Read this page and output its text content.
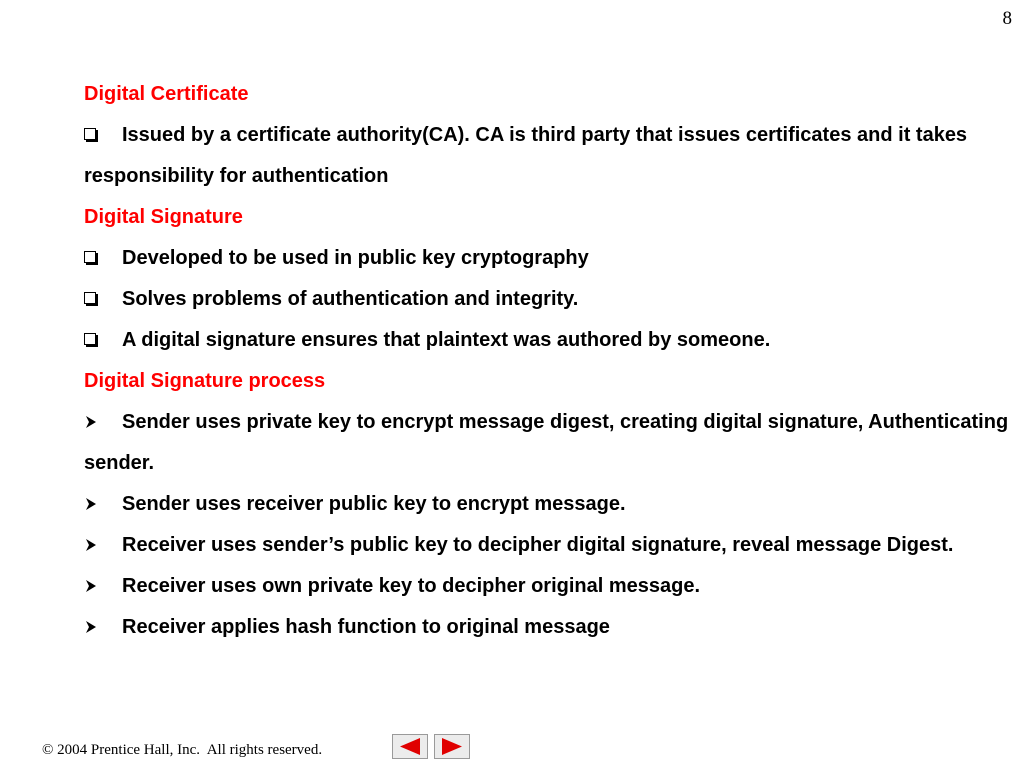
8
Digital Certificate
Issued by a certificate authority(CA). CA is third party that issues certificates and it takes responsibility for authentication
Digital Signature
Developed to be used in public key cryptography
Solves problems of authentication and integrity.
A digital signature ensures that plaintext was authored by someone.
Digital Signature process
Sender uses private key to encrypt message digest, creating digital signature, Authenticating sender.
Sender uses receiver public key to encrypt message.
Receiver uses sender’s public key to decipher digital signature, reveal message Digest.
Receiver uses own private key to decipher original message.
Receiver applies hash function to original message
© 2004 Prentice Hall, Inc.  All rights reserved.
